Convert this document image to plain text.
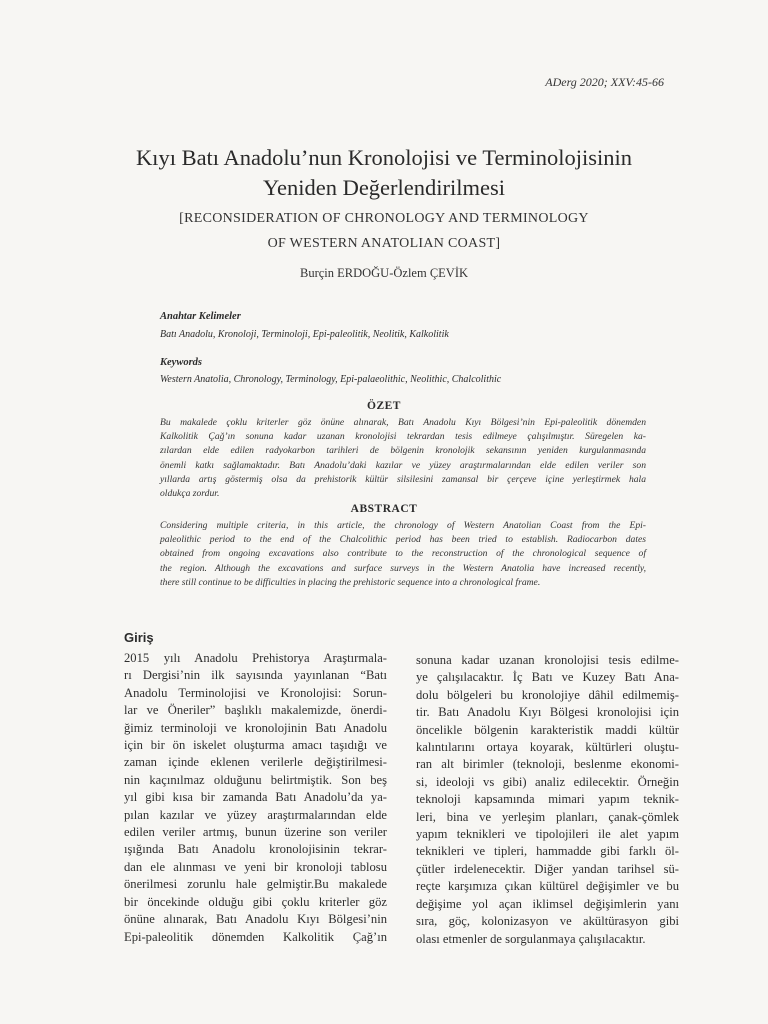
ADerg 2020; XXV:45-66
Kıyı Batı Anadolu’nun Kronolojisi ve Terminolojisinin
Yeniden Değerlendirilmesi
[RECONSIDERATION OF CHRONOLOGY AND TERMINOLOGY
OF WESTERN ANATOLIAN COAST]
Burçin ERDOĞU-Özlem ÇEVİK
Anahtar Kelimeler
Batı Anadolu, Kronoloji, Terminoloji, Epi-paleolitik, Neolitik, Kalkolitik
Keywords
Western Anatolia, Chronology, Terminology, Epi-palaeolithic, Neolithic, Chalcolithic
ÖZET
Bu makalede çoklu kriterler göz önüne alınarak, Batı Anadolu Kıyı Bölgesi’nin Epi-paleolitik dönemden
Kalkolitik Çağ’ın sonuna kadar uzanan kronolojisi tekrardan tesis edilmeye çalışılmıştır. Süregelen ka-
zılardan elde edilen radyokarbon tarihleri de bölgenin kronolojik sekansının yeniden kurgulanmasında
önemli katkı sağlamaktadır. Batı Anadolu’daki kazılar ve yüzey araştırmalarından elde edilen veriler son
yıllarda artış göstermiş olsa da prehistorik kültür silsilesini zamansal bir çerçeve içine yerleştirmek hala
oldukça zordur.
ABSTRACT
Considering multiple criteria, in this article, the chronology of Western Anatolian Coast from the Epi-
paleolithic period to the end of the Chalcolithic period has been tried to establish. Radiocarbon dates
obtained from ongoing excavations also contribute to the reconstruction of the chronological sequence of
the region. Although the excavations and surface surveys in the Western Anatolia have increased recently,
there still continue to be difficulties in placing the prehistoric sequence into a chronological frame.
Giriş
2015 yılı Anadolu Prehistorya Araştırmala-
rı Dergisi’nin ilk sayısında yayınlanan “Batı
Anadolu Terminolojisi ve Kronolojisi: Sorun-
lar ve Öneriler” başlıklı makalemizde, önerdi-
ğimiz terminoloji ve kronolojinin Batı Anadolu
için bir ön iskelet oluşturma amacı taşıdığı ve
zaman içinde eklenen verilerle değiştirilmesi-
nin kaçınılmaz olduğunu belirtmiştik. Son beş
yıl gibi kısa bir zamanda Batı Anadolu’da ya-
pılan kazılar ve yüzey araştırmalarından elde
edilen veriler artmış, bunun üzerine son veriler
ışığında Batı Anadolu kronolojisinin tekrar-
dan ele alınması ve yeni bir kronoloji tablosu
önerilmesi zorunlu hale gelmiştir.Bu makalede
bir öncekinde olduğu gibi çoklu kriterler göz
önüne alınarak, Batı Anadolu Kıyı Bölgesi’nin
Epi-paleolitik dönemden Kalkolitik Çağ’ın
sonuna kadar uzanan kronolojisi tesis edilme-
ye çalışılacaktır. İç Batı ve Kuzey Batı Ana-
dolu bölgeleri bu kronolojiye dâhil edilmemiş-
tir. Batı Anadolu Kıyı Bölgesi kronolojisi için
öncelikle bölgenin karakteristik maddi kültür
kalıntılarını ortaya koyarak, kültürleri oluştu-
ran alt birimler (teknoloji, beslenme ekonomi-
si, ideoloji vs gibi) analiz edilecektir. Örneğin
teknoloji kapsamında mimari yapım teknik-
leri, bina ve yerleşim planları, çanak-çömlek
yapım teknikleri ve tipolojileri ile alet yapım
teknikleri ve tipleri, hammadde gibi farklı öl-
çütler irdelenecektir. Diğer yandan tarihsel sü-
reçte karşımıza çıkan kültürel değişimler ve bu
değişime yol açan iklimsel değişimlerin yanı
sıra, göç, kolonizasyon ve akültürasyon gibi
olası etmenler de sorgulanmaya çalışılacaktır.
